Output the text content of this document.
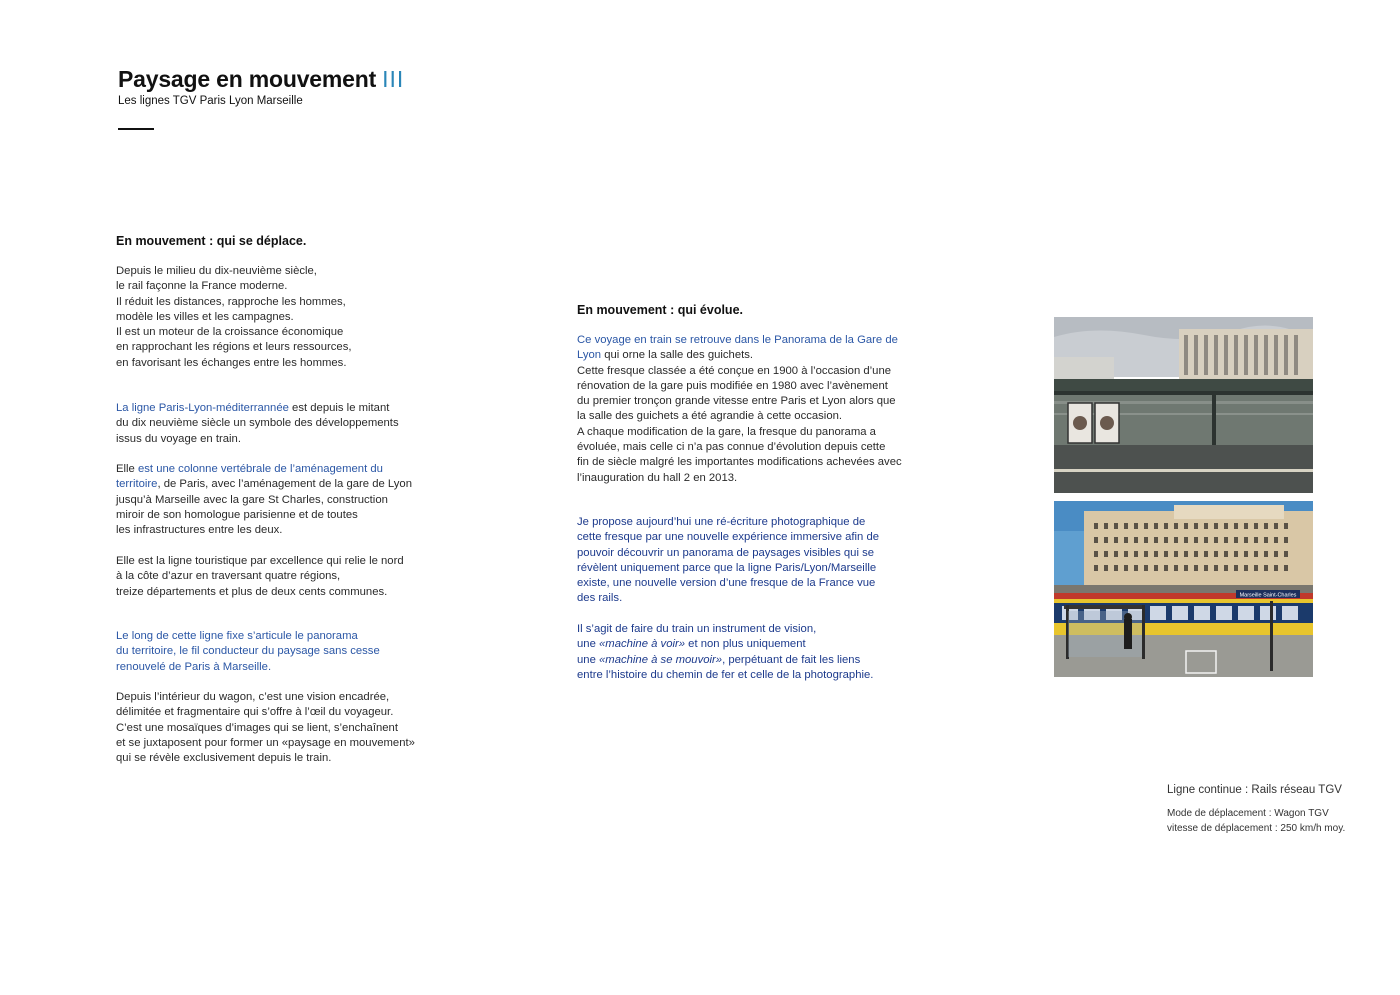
Paysage en mouvement III
Les lignes TGV Paris Lyon Marseille
En mouvement : qui se déplace.

Depuis le milieu du dix-neuvième siècle,
le rail façonne la France moderne.
Il réduit les distances, rapproche les hommes,
modèle les villes et les campagnes.
Il est un moteur de la croissance économique
en rapprochant les régions et leurs ressources,
en favorisant les échanges entre les hommes.

La ligne Paris-Lyon-méditerrannée est depuis le mitant
du dix neuvième siècle un symbole des développements
issus du voyage en train.

Elle est une colonne vertébrale de l’aménagement du
territoire, de Paris, avec l’aménagement de la gare de Lyon
jusqu’à Marseille avec la gare St Charles, construction
miroir de son homologue parisienne et de toutes
les infrastructures entre les deux.

Elle est la ligne touristique par excellence qui relie le nord
à la côte d’azur en traversant quatre régions,
treize départements et plus de deux cents communes.

Le long de cette ligne fixe s’articule le panorama
du territoire, le fil conducteur du paysage sans cesse
renouvelé de Paris à Marseille.

Depuis l’intérieur du wagon, c’est une vision encadrée,
délimitée et fragmentaire qui s’offre à l’œil du voyageur.
C’est une mosaïques d’images qui se lient, s’enchaînent
et se juxtaposent pour former un «paysage en mouvement»
qui se révèle exclusivement depuis le train.

En mouvement : qui évolue.

Ce voyage en train se retrouve dans le Panorama de la Gare de
Lyon qui orne la salle des guichets.
Cette fresque classée a été conçue en 1900 à l’occasion d’une
rénovation de la gare puis modifiée en 1980 avec l’avènement
du premier tronçon grande vitesse entre Paris et Lyon alors que
la salle des guichets a été agrandie à cette occasion.
A chaque modification de la gare, la fresque du panorama a
évoluée, mais celle ci n’a pas connue d’évolution depuis cette
fin de siècle malgré les importantes modifications achevées avec
l’inauguration du hall 2 en 2013.

Je propose aujourd’hui une ré-écriture photographique de
cette fresque par une nouvelle expérience immersive afin de
pouvoir découvrir un panorama de paysages visibles qui se
révèlent uniquement parce que la ligne Paris/Lyon/Marseille
existe, une nouvelle version d’une fresque de la France vue
des rails.

Il s’agit de faire du train un instrument de vision,
une «machine à voir» et non plus uniquement
une «machine à se mouvoir», perpétuant de fait les liens
entre l’histoire du chemin de fer et celle de la photographie.

Marseille Saint-Charles
Ligne continue : Rails réseau TGV
Mode de déplacement : Wagon TGV
vitesse de déplacement : 250 km/h moy.
